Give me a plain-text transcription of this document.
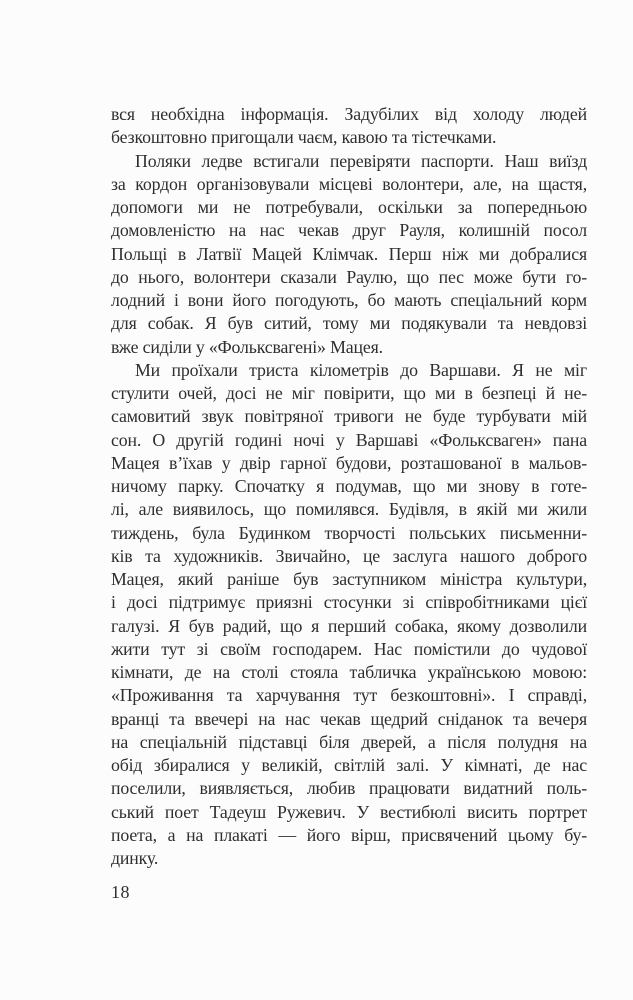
вся необхідна інформація. Задубілих від холоду людей
безкоштовно пригощали чаєм, кавою та тістечками.
Поляки ледве встигали перевіряти паспорти. Наш виїзд
за кордон організовували місцеві волонтери, але, на щастя,
допомоги ми не потребували, оскільки за попередньою
домовленістю на нас чекав друг Рауля, колишній посол
Польщі в Латвії Мацей Клімчак. Перш ніж ми добралися
до нього, волонтери сказали Раулю, що пес може бути го-
лодний і вони його погодують, бо мають спеціальний корм
для собак. Я був ситий, тому ми подякували та невдовзі
вже сиділи у «Фольксвагені» Мацея.
Ми проїхали триста кілометрів до Варшави. Я не міг
стулити очей, досі не міг повірити, що ми в безпеці й не-
самовитий звук повітряної тривоги не буде турбувати мій
сон. О другій годині ночі у Варшаві «Фольксваген» пана
Мацея в’їхав у двір гарної будови, розташованої в мальов-
ничому парку. Спочатку я подумав, що ми знову в готе-
лі, але виявилось, що помилявся. Будівля, в якій ми жили
тиждень, була Будинком творчості польських письменни-
ків та художників. Звичайно, це заслуга нашого доброго
Мацея, який раніше був заступником міністра культури,
і досі підтримує приязні стосунки зі співробітниками цієї
галузі. Я був радий, що я перший собака, якому дозволили
жити тут зі своїм господарем. Нас помістили до чудової
кімнати, де на столі стояла табличка українською мовою:
«Проживання та харчування тут безкоштовні». І справді,
вранці та ввечері на нас чекав щедрий сніданок та вечеря
на спеціальній підставці біля дверей, а після полудня на
обід збиралися у великій, світлій залі. У кімнаті, де нас
поселили, виявляється, любив працювати видатний поль-
ський поет Тадеуш Ружевич. У вестибюлі висить портрет
поета, а на плакаті — його вірш, присвячений цьому бу-
динку.
18
